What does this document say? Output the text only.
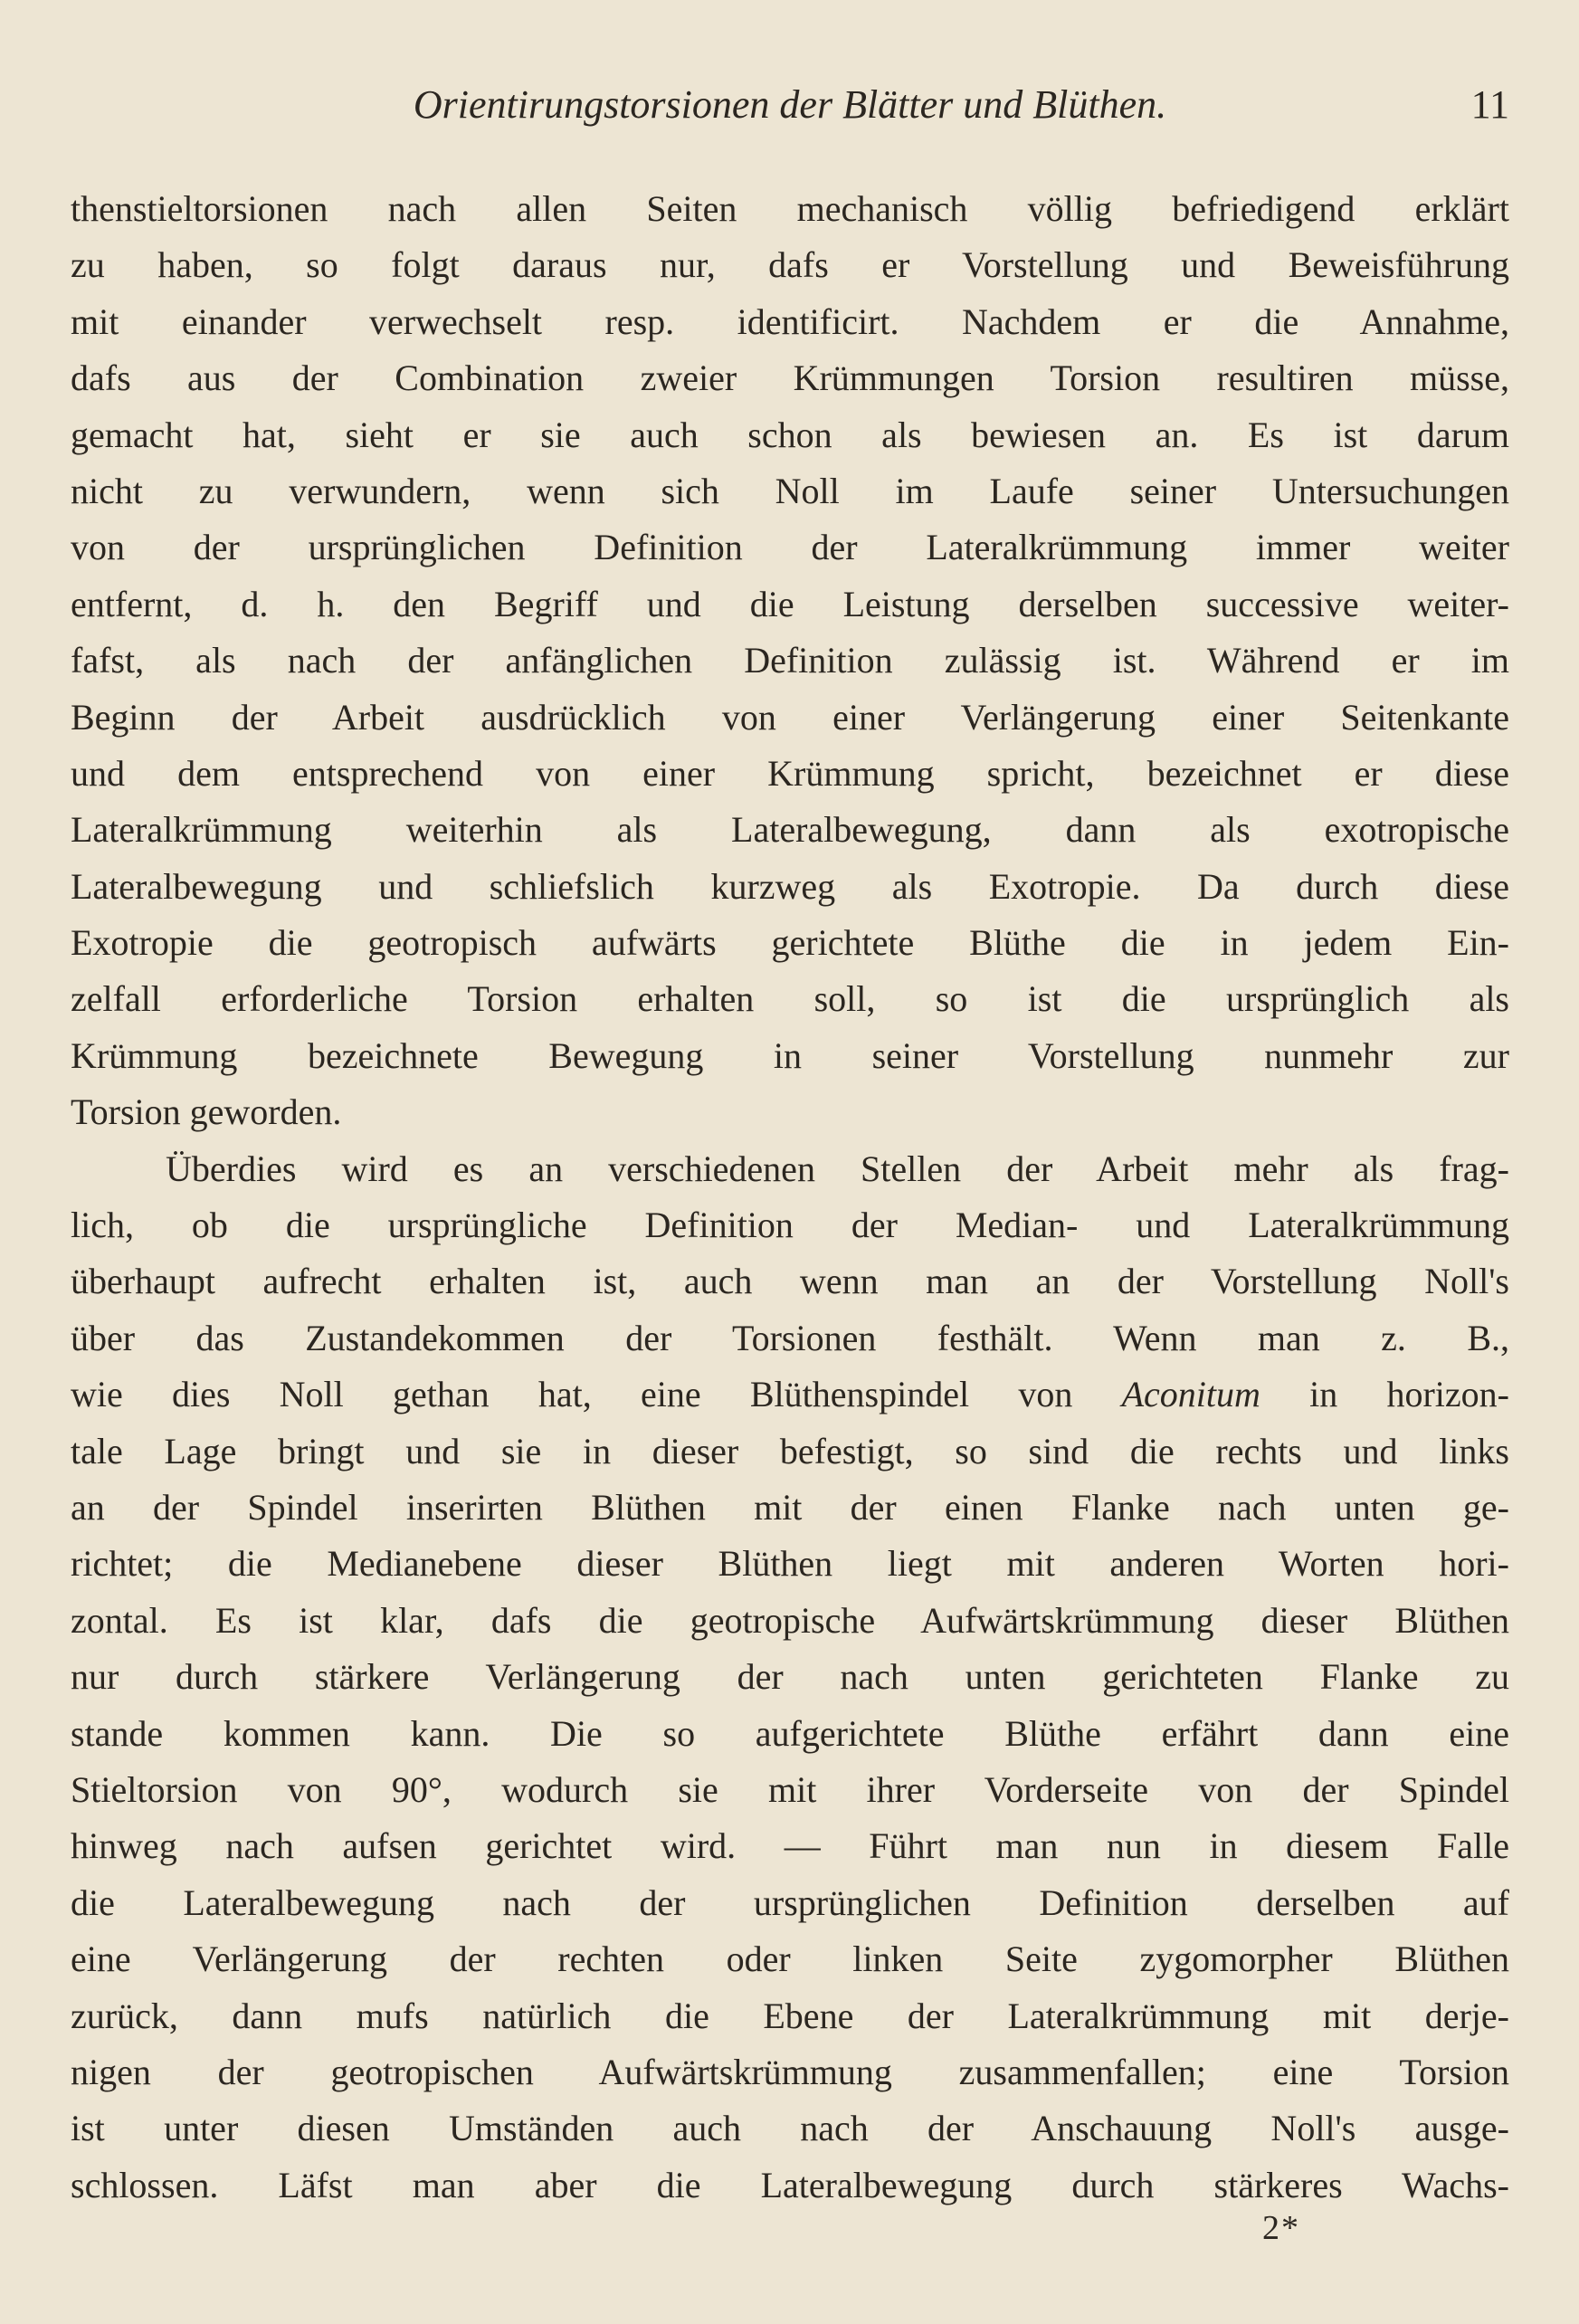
Orientirungstorsionen der Blätter und Blüthen.	11
thenstieltorsionen nach allen Seiten mechanisch völlig befriedigend erklärt
zu haben, so folgt daraus nur, dafs er Vorstellung und Beweisführung
mit einander verwechselt resp. identificirt. Nachdem er die Annahme,
dafs aus der Combination zweier Krümmungen Torsion resultiren müsse,
gemacht hat, sieht er sie auch schon als bewiesen an. Es ist darum
nicht zu verwundern, wenn sich Noll im Laufe seiner Untersuchungen
von der ursprünglichen Definition der Lateralkrümmung immer weiter
entfernt, d. h. den Begriff und die Leistung derselben successive weiter-
fafst, als nach der anfänglichen Definition zulässig ist. Während er im
Beginn der Arbeit ausdrücklich von einer Verlängerung einer Seitenkante
und dem entsprechend von einer Krümmung spricht, bezeichnet er diese
Lateralkrümmung weiterhin als Lateralbewegung, dann als exotropische
Lateralbewegung und schliefslich kurzweg als Exotropie. Da durch diese
Exotropie die geotropisch aufwärts gerichtete Blüthe die in jedem Ein-
zelfall erforderliche Torsion erhalten soll, so ist die ursprünglich als
Krümmung bezeichnete Bewegung in seiner Vorstellung nunmehr zur
Torsion geworden.
Überdies wird es an verschiedenen Stellen der Arbeit mehr als frag-
lich, ob die ursprüngliche Definition der Median- und Lateralkrümmung
überhaupt aufrecht erhalten ist, auch wenn man an der Vorstellung Noll's
über das Zustandekommen der Torsionen festhält. Wenn man z. B.,
wie dies Noll gethan hat, eine Blüthenspindel von Aconitum in horizon-
tale Lage bringt und sie in dieser befestigt, so sind die rechts und links
an der Spindel inserirten Blüthen mit der einen Flanke nach unten ge-
richtet; die Medianebene dieser Blüthen liegt mit anderen Worten hori-
zontal. Es ist klar, dafs die geotropische Aufwärtskrümmung dieser Blüthen
nur durch stärkere Verlängerung der nach unten gerichteten Flanke zu
stande kommen kann. Die so aufgerichtete Blüthe erfährt dann eine
Stieltorsion von 90°, wodurch sie mit ihrer Vorderseite von der Spindel
hinweg nach aufsen gerichtet wird. — Führt man nun in diesem Falle
die Lateralbewegung nach der ursprünglichen Definition derselben auf
eine Verlängerung der rechten oder linken Seite zygomorpher Blüthen
zurück, dann mufs natürlich die Ebene der Lateralkrümmung mit derje-
nigen der geotropischen Aufwärtskrümmung zusammenfallen; eine Torsion
ist unter diesen Umständen auch nach der Anschauung Noll's ausge-
schlossen. Läfst man aber die Lateralbewegung durch stärkeres Wachs-
2*
